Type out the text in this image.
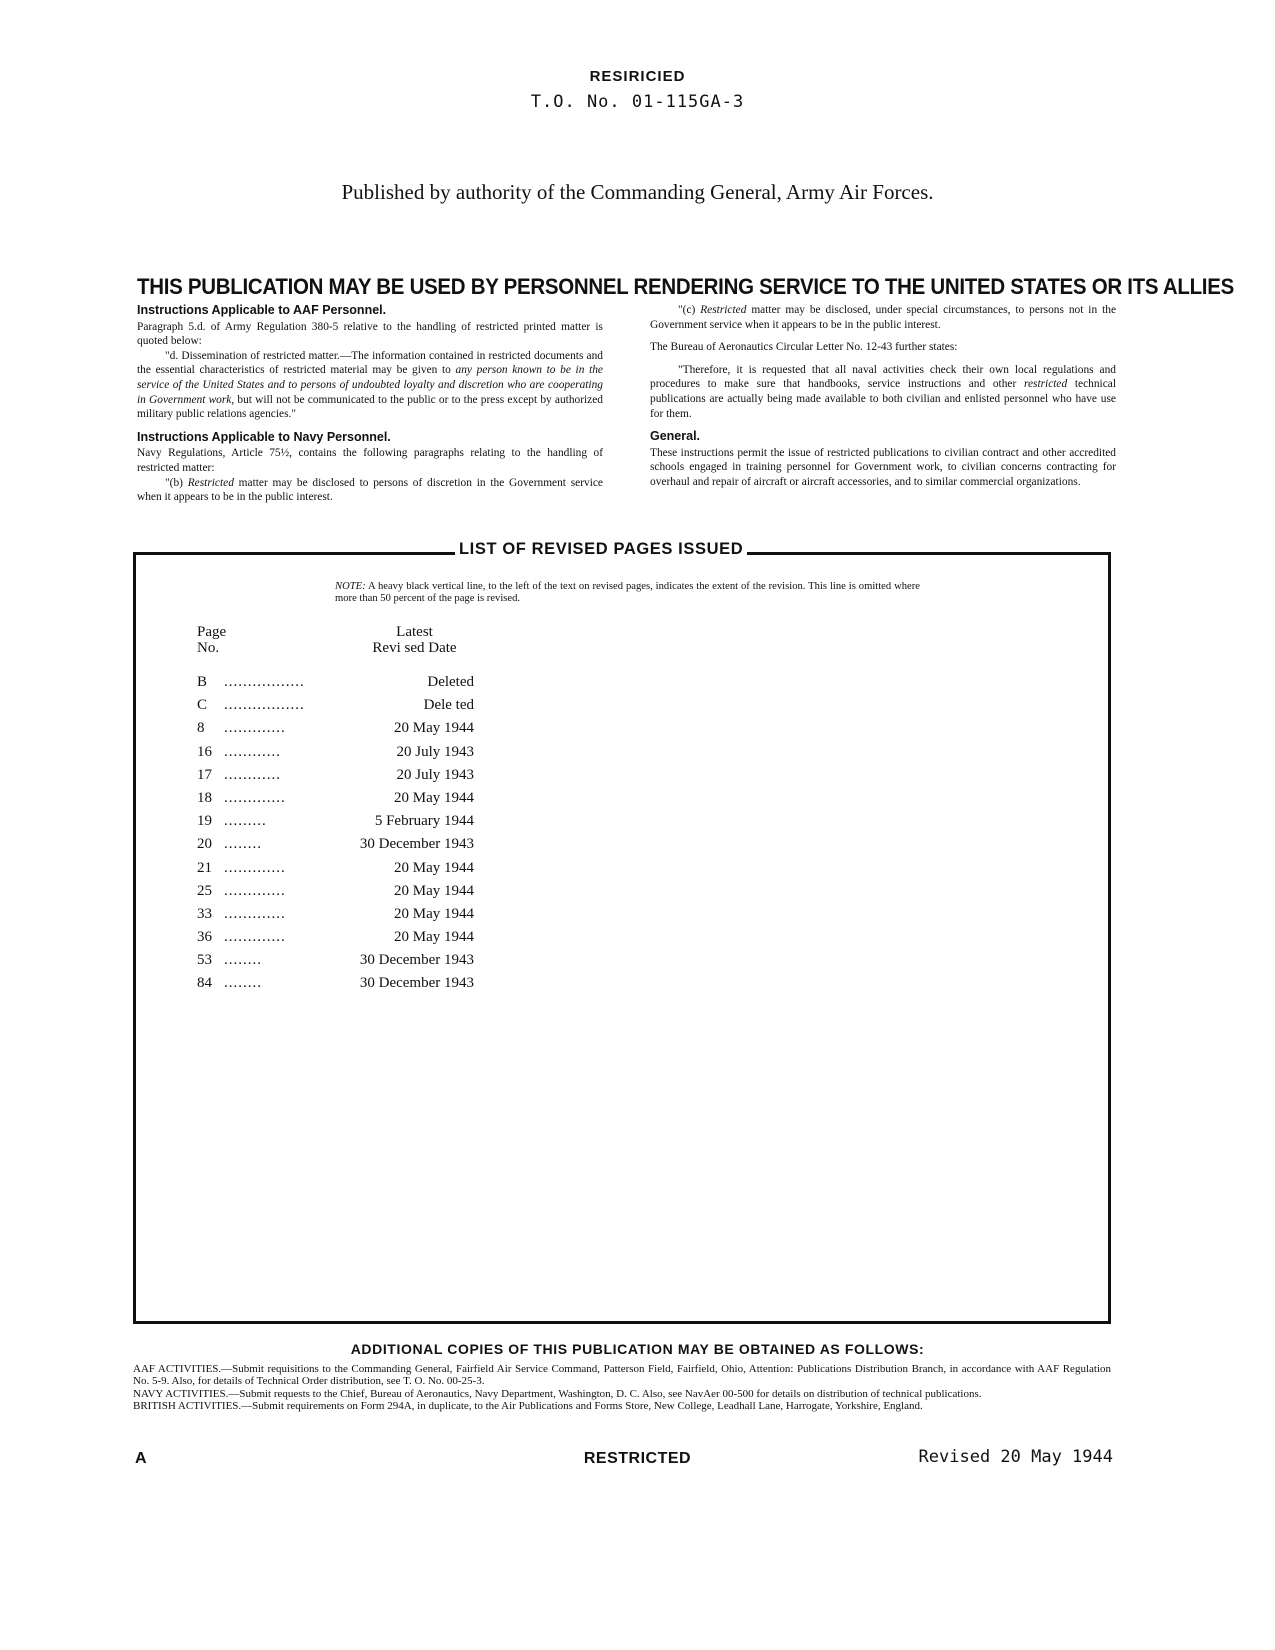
RESIRICIED
T.O. No. 01-115GA-3
Published by authority of the Commanding General, Army Air Forces.
THIS PUBLICATION MAY BE USED BY PERSONNEL RENDERING SERVICE TO THE UNITED STATES OR ITS ALLIES
Instructions Applicable to AAF Personnel.

Paragraph 5.d. of Army Regulation 380-5 relative to the handling of restricted printed matter is quoted below:

"d. Dissemination of restricted matter.—The information contained in restricted documents and the essential characteristics of restricted material may be given to any person known to be in the service of the United States and to persons of undoubted loyalty and discretion who are cooperating in Government work, but will not be communicated to the public or to the press except by authorized military public relations agencies."

Instructions Applicable to Navy Personnel.

Navy Regulations, Article 75½, contains the following paragraphs relating to the handling of restricted matter:

"(b) Restricted matter may be disclosed to persons of discretion in the Government service when it appears to be in the public interest.

"(c) Restricted matter may be disclosed, under special circumstances, to persons not in the Government service when it appears to be in the public interest.

The Bureau of Aeronautics Circular Letter No. 12-43 further states:

"Therefore, it is requested that all naval activities check their own local regulations and procedures to make sure that handbooks, service instructions and other restricted technical publications are actually being made available to both civilian and enlisted personnel who have use for them.

General.

These instructions permit the issue of restricted publications to civilian contract and other accredited schools engaged in training personnel for Government work, to civilian concerns contracting for overhaul and repair of aircraft or aircraft accessories, and to similar commercial organizations.

LIST OF REVISED PAGES ISSUED
NOTE: A heavy black vertical line, to the left of the text on revised pages, indicates the extent of the revision. This line is omitted where more than 50 percent of the page is revised.
Page
No.
Latest
Revi sed Date
B .................	Deleted
C .................	Dele ted
8 .............	20 May 1944
16 ............	20 July 1943
17 ............	20 July 1943
18 .............	20 May 1944
19 .........	5 February 1944
20 ........	30 December 1943
21 .............	20 May 1944
25 .............	20 May 1944
33 .............	20 May 1944
36 .............	20 May 1944
53 ........	30 December 1943
84 ........	30 December 1943
ADDITIONAL COPIES OF THIS PUBLICATION MAY BE OBTAINED AS FOLLOWS:

AAF ACTIVITIES.—Submit requisitions to the Commanding General, Fairfield Air Service Command, Patterson Field, Fairfield, Ohio, Attention: Publications Distribution Branch, in accordance with AAF Regulation No. 5-9. Also, for details of Technical Order distribution, see T. O. No. 00-25-3.

NAVY ACTIVITIES.—Submit requests to the Chief, Bureau of Aeronautics, Navy Department, Washington, D. C. Also, see NavAer 00-500 for details on distribution of technical publications.

BRITISH ACTIVITIES.—Submit requirements on Form 294A, in duplicate, to the Air Publications and Forms Store, New College, Leadhall Lane, Harrogate, Yorkshire, England.

A	RESTRICTED	Revised 20 May 1944
